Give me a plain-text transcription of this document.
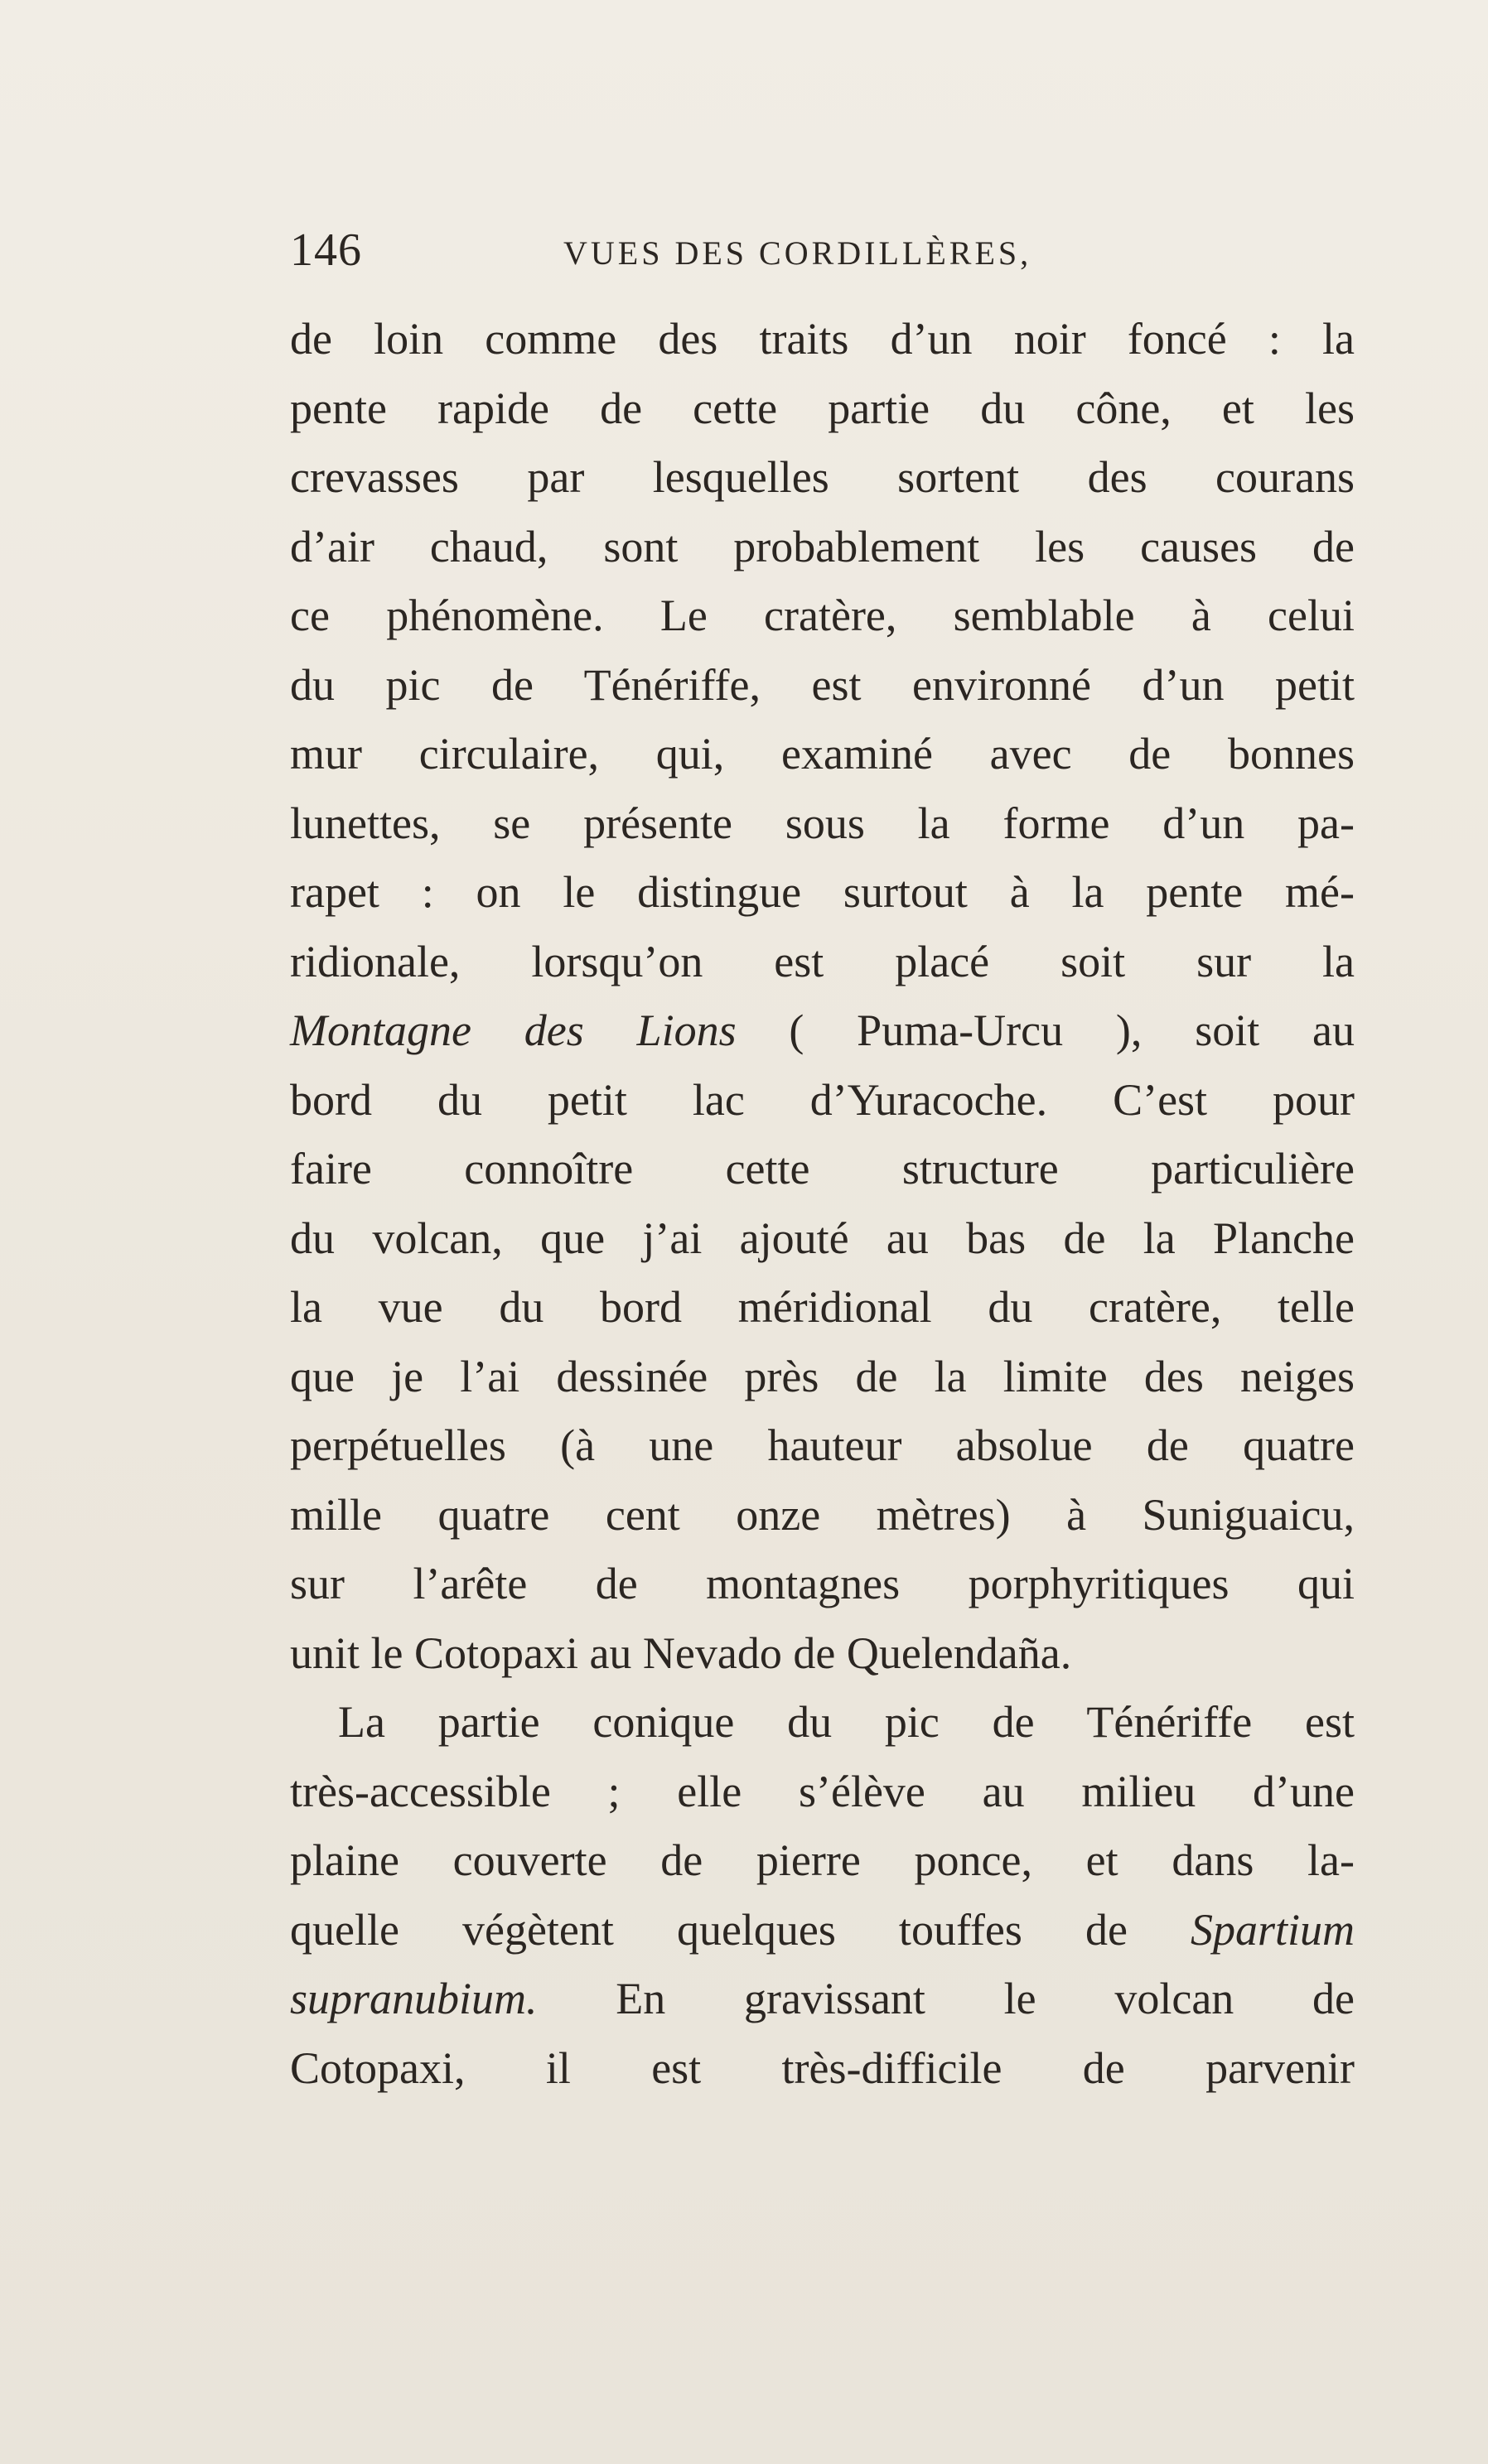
146	VUES DES CORDILLÈRES,
de loin comme des traits d’un noir foncé : la
pente rapide de cette partie du cône, et les
crevasses par lesquelles sortent des courans
d’air chaud, sont probablement les causes de
ce phénomène. Le cratère, semblable à celui
du pic de Ténériffe, est environné d’un petit
mur circulaire, qui, examiné avec de bonnes
lunettes, se présente sous la forme d’un pa-
rapet : on le distingue surtout à la pente mé-
ridionale, lorsqu’on est placé soit sur la
Montagne des Lions ( Puma-Urcu ), soit au
bord du petit lac d’Yuracoche. C’est pour
faire connoître cette structure particulière
du volcan, que j’ai ajouté au bas de la Planche
la vue du bord méridional du cratère, telle
que je l’ai dessinée près de la limite des neiges
perpétuelles (à une hauteur absolue de quatre
mille quatre cent onze mètres) à Suniguaicu,
sur l’arête de montagnes porphyritiques qui
unit le Cotopaxi au Nevado de Quelendaña.
La partie conique du pic de Ténériffe est
très-accessible ; elle s’élève au milieu d’une
plaine couverte de pierre ponce, et dans la-
quelle végètent quelques touffes de Spartium
supranubium. En gravissant le volcan de
Cotopaxi, il est très-difficile de parvenir
